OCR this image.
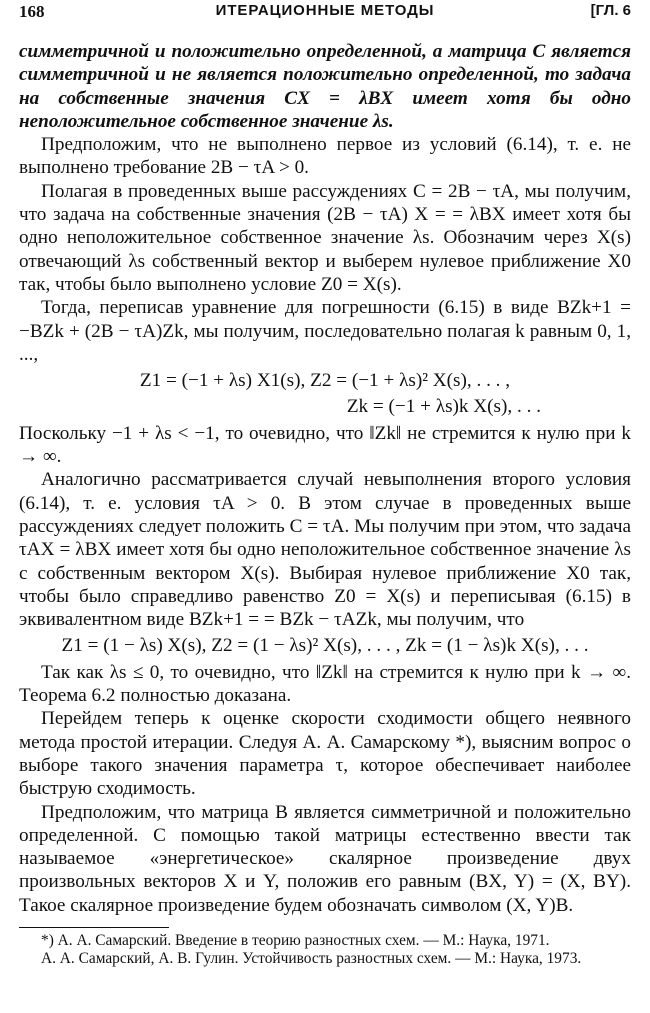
168	ИТЕРАЦИОННЫЕ МЕТОДЫ	[ГЛ. 6

симметричной и положительно определенной, а матрица C является симметричной и не является положительно определенной, то задача на собственные значения CX = λBX имеет хотя бы одно неположительное собственное значение λs.

Предположим, что не выполнено первое из условий (6.14), т. е. не выполнено требование 2B − τA > 0.

Полагая в проведенных выше рассуждениях C = 2B − τA, мы получим, что задача на собственные значения (2B − τA) X = = λBX имеет хотя бы одно неположительное собственное значение λs. Обозначим через X(s) отвечающий λs собственный вектор и выберем нулевое приближение X0 так, чтобы было выполнено условие Z0 = X(s).

Тогда, переписав уравнение для погрешности (6.15) в виде BZk+1 = −BZk + (2B − τA)Zk, мы получим, последовательно полагая k равным 0, 1, ...,

Z1 = (−1 + λs) X1(s), Z2 = (−1 + λs)² X(s), . . . ,
Zk = (−1 + λs)k X(s), . . .

Поскольку −1 + λs < −1, то очевидно, что ‖Zk‖ не стремится к нулю при k → ∞.

Аналогично рассматривается случай невыполнения второго условия (6.14), т. е. условия τA > 0. В этом случае в проведенных выше рассуждениях следует положить C = τA. Мы получим при этом, что задача τAX = λBX имеет хотя бы одно неположительное собственное значение λs с собственным вектором X(s). Выбирая нулевое приближение X0 так, чтобы было справедливо равенство Z0 = X(s) и переписывая (6.15) в эквивалентном виде BZk+1 = = BZk − τAZk, мы получим, что

Z1 = (1 − λs) X(s), Z2 = (1 − λs)² X(s), . . . , Zk = (1 − λs)k X(s), . . .

Так как λs ≤ 0, то очевидно, что ‖Zk‖ на стремится к нулю при k → ∞. Теорема 6.2 полностью доказана.

Перейдем теперь к оценке скорости сходимости общего неявного метода простой итерации. Следуя А. А. Самарскому *), выясним вопрос о выборе такого значения параметра τ, которое обеспечивает наиболее быструю сходимость.

Предположим, что матрица B является симметричной и положительно определенной. С помощью такой матрицы естественно ввести так называемое «энергетическое» скалярное произведение двух произвольных векторов X и Y, положив его равным (BX, Y) = (X, BY). Такое скалярное произведение будем обозначать символом (X, Y)B.

*) А. А. Самарский. Введение в теорию разностных схем. — М.: Наука, 1971.

А. А. Самарский, А. В. Гулин. Устойчивость разностных схем. — М.: Наука, 1973.
